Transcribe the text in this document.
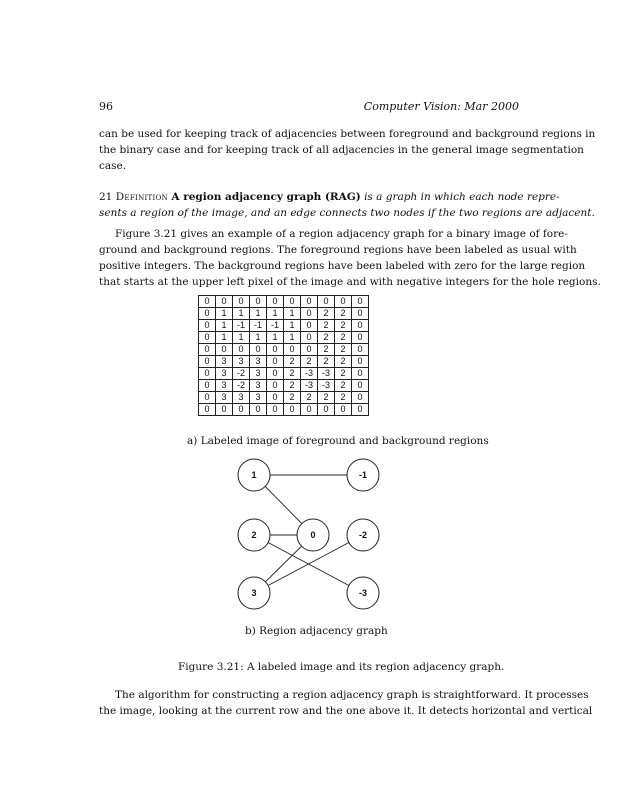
96	Computer Vision: Mar 2000
can be used for keeping track of adjacencies between foreground and background regions in
the binary case and for keeping track of all adjacencies in the general image segmentation
case.
21 Definition A region adjacency graph (RAG) is a graph in which each node repre-
sents a region of the image, and an edge connects two nodes if the two regions are adjacent.
Figure 3.21 gives an example of a region adjacency graph for a binary image of fore-
ground and background regions. The foreground regions have been labeled as usual with
positive integers. The background regions have been labeled with zero for the large region
that starts at the upper left pixel of the image and with negative integers for the hole regions.
0	0	0	0	0	0	0	0	0	0
0	1	1	1	1	1	0	2	2	0
0	1	-1	-1	-1	1	0	2	2	0
0	1	1	1	1	1	0	2	2	0
0	0	0	0	0	0	0	2	2	0
0	3	3	3	0	2	2	2	2	0
0	3	-2	3	0	2	-3	-3	2	0
0	3	-2	3	0	2	-3	-3	2	0
0	3	3	3	0	2	2	2	2	0
0	0	0	0	0	0	0	0	0	0
a) Labeled image of foreground and background regions
1	-1
2	0	-2
3	-3
b) Region adjacency graph
Figure 3.21: A labeled image and its region adjacency graph.
The algorithm for constructing a region adjacency graph is straightforward. It processes
the image, looking at the current row and the one above it. It detects horizontal and vertical
